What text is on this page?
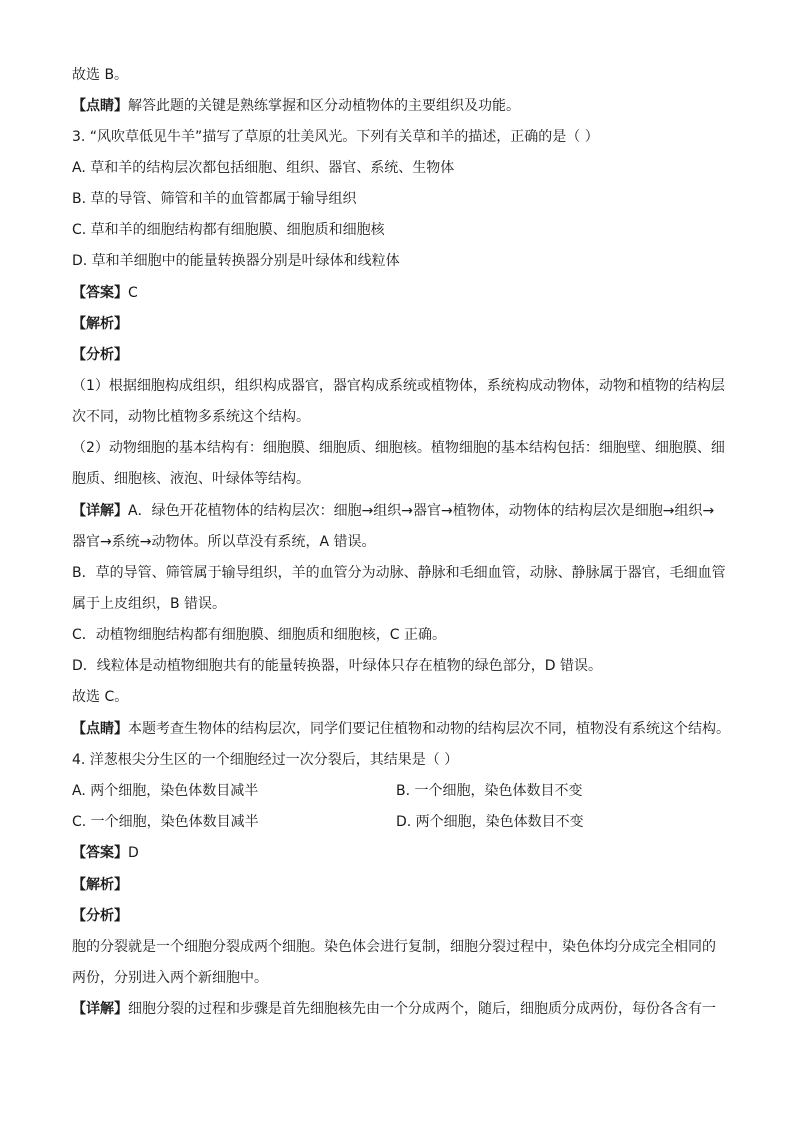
故选 B。
【点睛】解答此题的关键是熟练掌握和区分动植物体的主要组织及功能。
3. “风吹草低见牛羊”描写了草原的壮美风光。下列有关草和羊的描述，正确的是（ ）
A. 草和羊的结构层次都包括细胞、组织、器官、系统、生物体
B. 草的导管、筛管和羊的血管都属于输导组织
C. 草和羊的细胞结构都有细胞膜、细胞质和细胞核
D. 草和羊细胞中的能量转换器分别是叶绿体和线粒体
【答案】C
【解析】
【分析】
（1）根据细胞构成组织，组织构成器官，器官构成系统或植物体，系统构成动物体，动物和植物的结构层
次不同，动物比植物多系统这个结构。
（2）动物细胞的基本结构有：细胞膜、细胞质、细胞核。植物细胞的基本结构包括：细胞壁、细胞膜、细
胞质、细胞核、液泡、叶绿体等结构。
【详解】A．绿色开花植物体的结构层次：细胞→组织→器官→植物体，动物体的结构层次是细胞→组织→
器官→系统→动物体。所以草没有系统，A 错误。
B．草的导管、筛管属于输导组织，羊的血管分为动脉、静脉和毛细血管，动脉、静脉属于器官，毛细血管
属于上皮组织，B 错误。
C．动植物细胞结构都有细胞膜、细胞质和细胞核，C 正确。
D．线粒体是动植物细胞共有的能量转换器，叶绿体只存在植物的绿色部分，D 错误。
故选 C。
【点睛】本题考查生物体的结构层次，同学们要记住植物和动物的结构层次不同，植物没有系统这个结构。
4. 洋葱根尖分生区的一个细胞经过一次分裂后，其结果是（ ）
A. 两个细胞，染色体数目减半	B. 一个细胞，染色体数目不变
C. 一个细胞，染色体数目减半	D. 两个细胞，染色体数目不变
【答案】D
【解析】
【分析】
胞的分裂就是一个细胞分裂成两个细胞。染色体会进行复制，细胞分裂过程中，染色体均分成完全相同的
两份，分别进入两个新细胞中。
【详解】细胞分裂的过程和步骤是首先细胞核先由一个分成两个，随后，细胞质分成两份，每份各含有一
